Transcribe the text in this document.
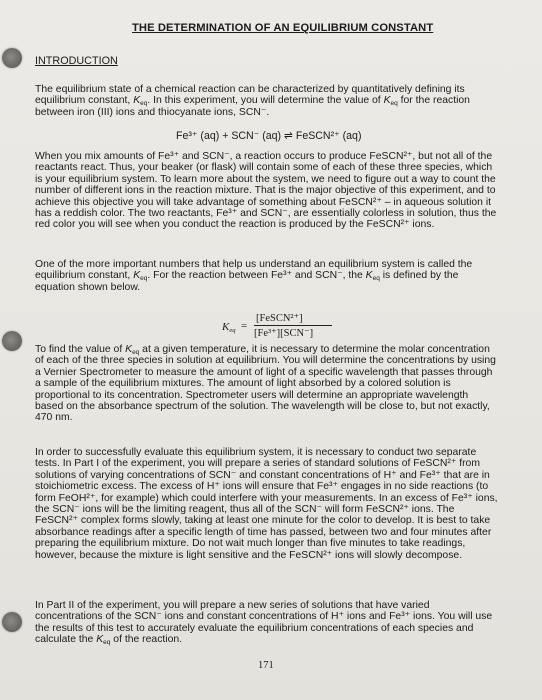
THE DETERMINATION OF AN EQUILIBRIUM CONSTANT
INTRODUCTION
The equilibrium state of a chemical reaction can be characterized by quantitatively defining its equilibrium constant, $K_{eq}$. In this experiment, you will determine the value of $K_{eq}$ for the reaction between iron (III) ions and thiocyanate ions, SCN⁻.
Fe³⁺ (aq) + SCN⁻ (aq) ⇌ FeSCN²⁺ (aq)
When you mix amounts of Fe³⁺ and SCN⁻, a reaction occurs to produce FeSCN²⁺, but not all of the reactants react. Thus, your beaker (or flask) will contain some of each of these three species, which is your equilibrium system. To learn more about the system, we need to figure out a way to count the number of different ions in the reaction mixture. That is the major objective of this experiment, and to achieve this objective you will take advantage of something about FeSCN²⁺ – in aqueous solution it has a reddish color. The two reactants, Fe³⁺ and SCN⁻, are essentially colorless in solution, thus the red color you will see when you conduct the reaction is produced by the FeSCN²⁺ ions.
One of the more important numbers that help us understand an equilibrium system is called the equilibrium constant, $K_{eq}$. For the reaction between Fe³⁺ and SCN⁻, the $K_{eq}$ is defined by the equation shown below.
$K_{eq}$ =
[FeSCN²⁺]
[Fe³⁺][SCN⁻]
To find the value of $K_{eq}$ at a given temperature, it is necessary to determine the molar concentration of each of the three species in solution at equilibrium. You will determine the concentrations by using a Vernier Spectrometer to measure the amount of light of a specific wavelength that passes through a sample of the equilibrium mixtures. The amount of light absorbed by a colored solution is proportional to its concentration. Spectrometer users will determine an appropriate wavelength based on the absorbance spectrum of the solution. The wavelength will be close to, but not exactly, 470 nm.
In order to successfully evaluate this equilibrium system, it is necessary to conduct two separate tests. In Part I of the experiment, you will prepare a series of standard solutions of FeSCN²⁺ from solutions of varying concentrations of SCN⁻ and constant concentrations of H⁺ and Fe³⁺ that are in stoichiometric excess. The excess of H⁺ ions will ensure that Fe³⁺ engages in no side reactions (to form FeOH²⁺, for example) which could interfere with your measurements. In an excess of Fe³⁺ ions, the SCN⁻ ions will be the limiting reagent, thus all of the SCN⁻ will form FeSCN²⁺ ions. The FeSCN²⁺ complex forms slowly, taking at least one minute for the color to develop. It is best to take absorbance readings after a specific length of time has passed, between two and four minutes after preparing the equilibrium mixture. Do not wait much longer than five minutes to take readings, however, because the mixture is light sensitive and the FeSCN²⁺ ions will slowly decompose.
In Part II of the experiment, you will prepare a new series of solutions that have varied concentrations of the SCN⁻ ions and constant concentrations of H⁺ ions and Fe³⁺ ions. You will use the results of this test to accurately evaluate the equilibrium concentrations of each species and calculate the $K_{eq}$ of the reaction.
171
